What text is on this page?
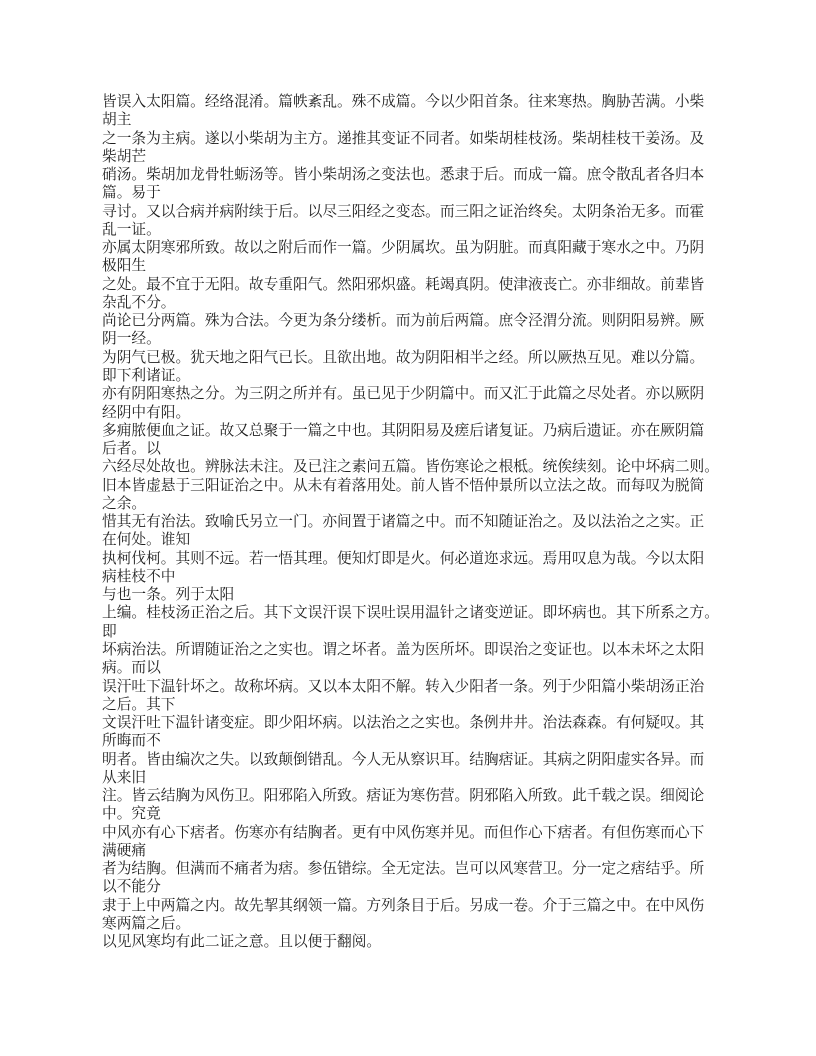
皆误入太阳篇。经络混淆。篇帙紊乱。殊不成篇。今以少阳首条。往来寒热。胸胁苦满。小柴
胡主
之一条为主病。遂以小柴胡为主方。递推其变证不同者。如柴胡桂枝汤。柴胡桂枝干姜汤。及
柴胡芒
硝汤。柴胡加龙骨牡蛎汤等。皆小柴胡汤之变法也。悉隶于后。而成一篇。庶令散乱者各归本
篇。易于
寻讨。又以合病并病附续于后。以尽三阳经之变态。而三阳之证治终矣。太阴条治无多。而霍
乱一证。
亦属太阴寒邪所致。故以之附后而作一篇。少阴属坎。虽为阴脏。而真阳藏于寒水之中。乃阴
极阳生
之处。最不宜于无阳。故专重阳气。然阳邪炽盛。耗竭真阴。使津液丧亡。亦非细故。前辈皆
杂乱不分。
尚论已分两篇。殊为合法。今更为条分缕析。而为前后两篇。庶令泾渭分流。则阴阳易辨。厥
阴一经。
为阴气已极。犹天地之阳气已长。且欲出地。故为阴阳相半之经。所以厥热互见。难以分篇。
即下利诸证。
亦有阴阳寒热之分。为三阴之所并有。虽已见于少阴篇中。而又汇于此篇之尽处者。亦以厥阴
经阴中有阳。
多痈脓便血之证。故又总聚于一篇之中也。其阴阳易及瘥后诸复证。乃病后遗证。亦在厥阴篇
后者。以
六经尽处故也。辨脉法未注。及已注之素问五篇。皆伤寒论之根柢。统俟续刻。论中坏病二则。
旧本皆虚悬于三阳证治之中。从未有着落用处。前人皆不悟仲景所以立法之故。而每叹为脱简
之余。
惜其无有治法。致喻氏另立一门。亦间置于诸篇之中。而不知随证治之。及以法治之之实。正
在何处。谁知
执柯伐柯。其则不远。若一悟其理。便知灯即是火。何必道迩求远。焉用叹息为哉。今以太阳
病桂枝不中
与也一条。列于太阳
上编。桂枝汤正治之后。其下文误汗误下误吐误用温针之诸变逆证。即坏病也。其下所系之方。
即
坏病治法。所谓随证治之之实也。谓之坏者。盖为医所坏。即误治之变证也。以本未坏之太阳
病。而以
误汗吐下温针坏之。故称坏病。又以本太阳不解。转入少阳者一条。列于少阳篇小柴胡汤正治
之后。其下
文误汗吐下温针诸变症。即少阳坏病。以法治之之实也。条例井井。治法森森。有何疑叹。其
所晦而不
明者。皆由编次之失。以致颠倒错乱。今人无从察识耳。结胸痞证。其病之阴阳虚实各异。而
从来旧
注。皆云结胸为风伤卫。阳邪陷入所致。痞证为寒伤营。阴邪陷入所致。此千载之误。细阅论
中。究竟
中风亦有心下痞者。伤寒亦有结胸者。更有中风伤寒并见。而但作心下痞者。有但伤寒而心下
满硬痛
者为结胸。但满而不痛者为痞。参伍错综。全无定法。岂可以风寒营卫。分一定之痞结乎。所
以不能分
隶于上中两篇之内。故先挈其纲领一篇。方列条目于后。另成一卷。介于三篇之中。在中风伤
寒两篇之后。
以见风寒均有此二证之意。且以便于翻阅。
